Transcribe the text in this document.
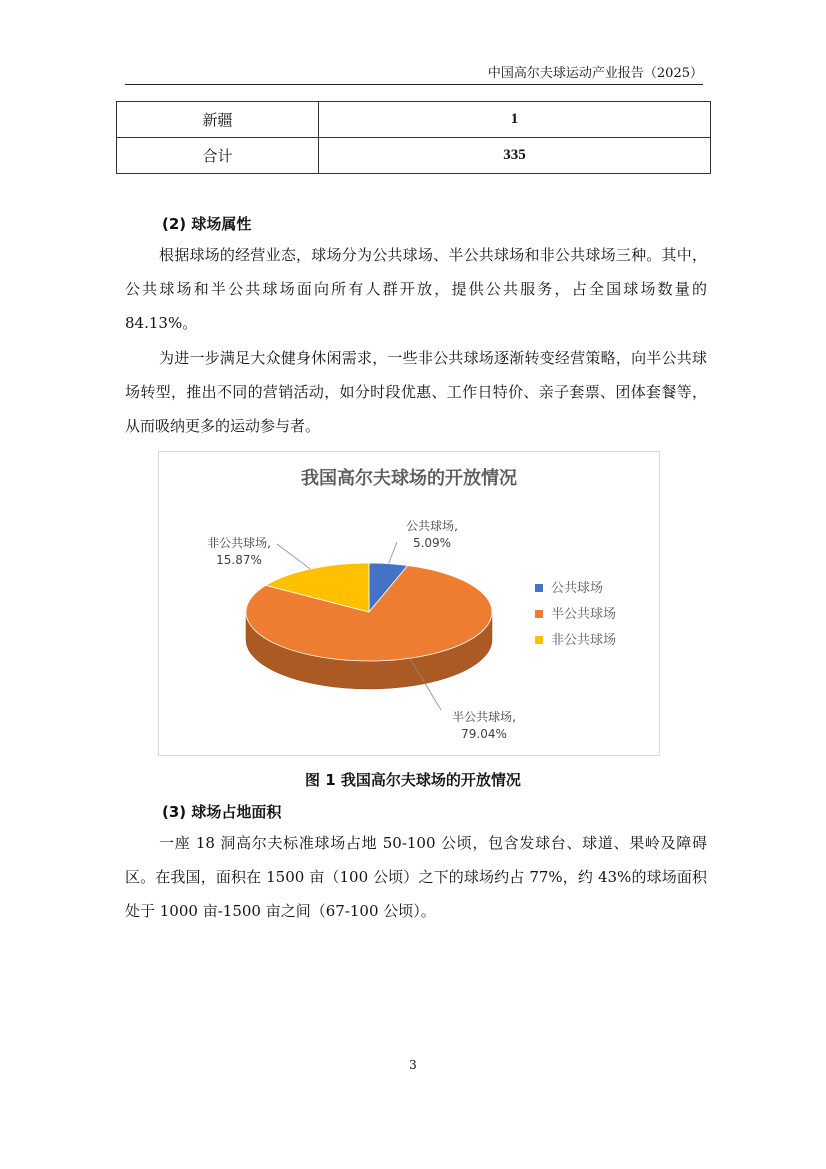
中国高尔夫球运动产业报告（2025）
新疆	1
合计	335
(2) 球场属性

根据球场的经营业态，球场分为公共球场、半公共球场和非公共球场三种。其中，公共球场和半公共球场面向所有人群开放，提供公共服务，占全国球场数量的 84.13%。

为进一步满足大众健身休闲需求，一些非公共球场逐渐转变经营策略，向半公共球场转型，推出不同的营销活动，如分时段优惠、工作日特价、亲子套票、团体套餐等，从而吸纳更多的运动参与者。

我国高尔夫球场的开放情况
公共球场,
5.09%
半公共球场,
79.04%
非公共球场,
15.87%
公共球场
半公共球场
非公共球场
图 1 我国高尔夫球场的开放情况
(3) 球场占地面积

一座 18 洞高尔夫标准球场占地 50-100 公顷，包含发球台、球道、果岭及障碍区。在我国，面积在 1500 亩（100 公顷）之下的球场约占 77%，约 43%的球场面积处于 1000 亩-1500 亩之间（67-100 公顷）。

3
